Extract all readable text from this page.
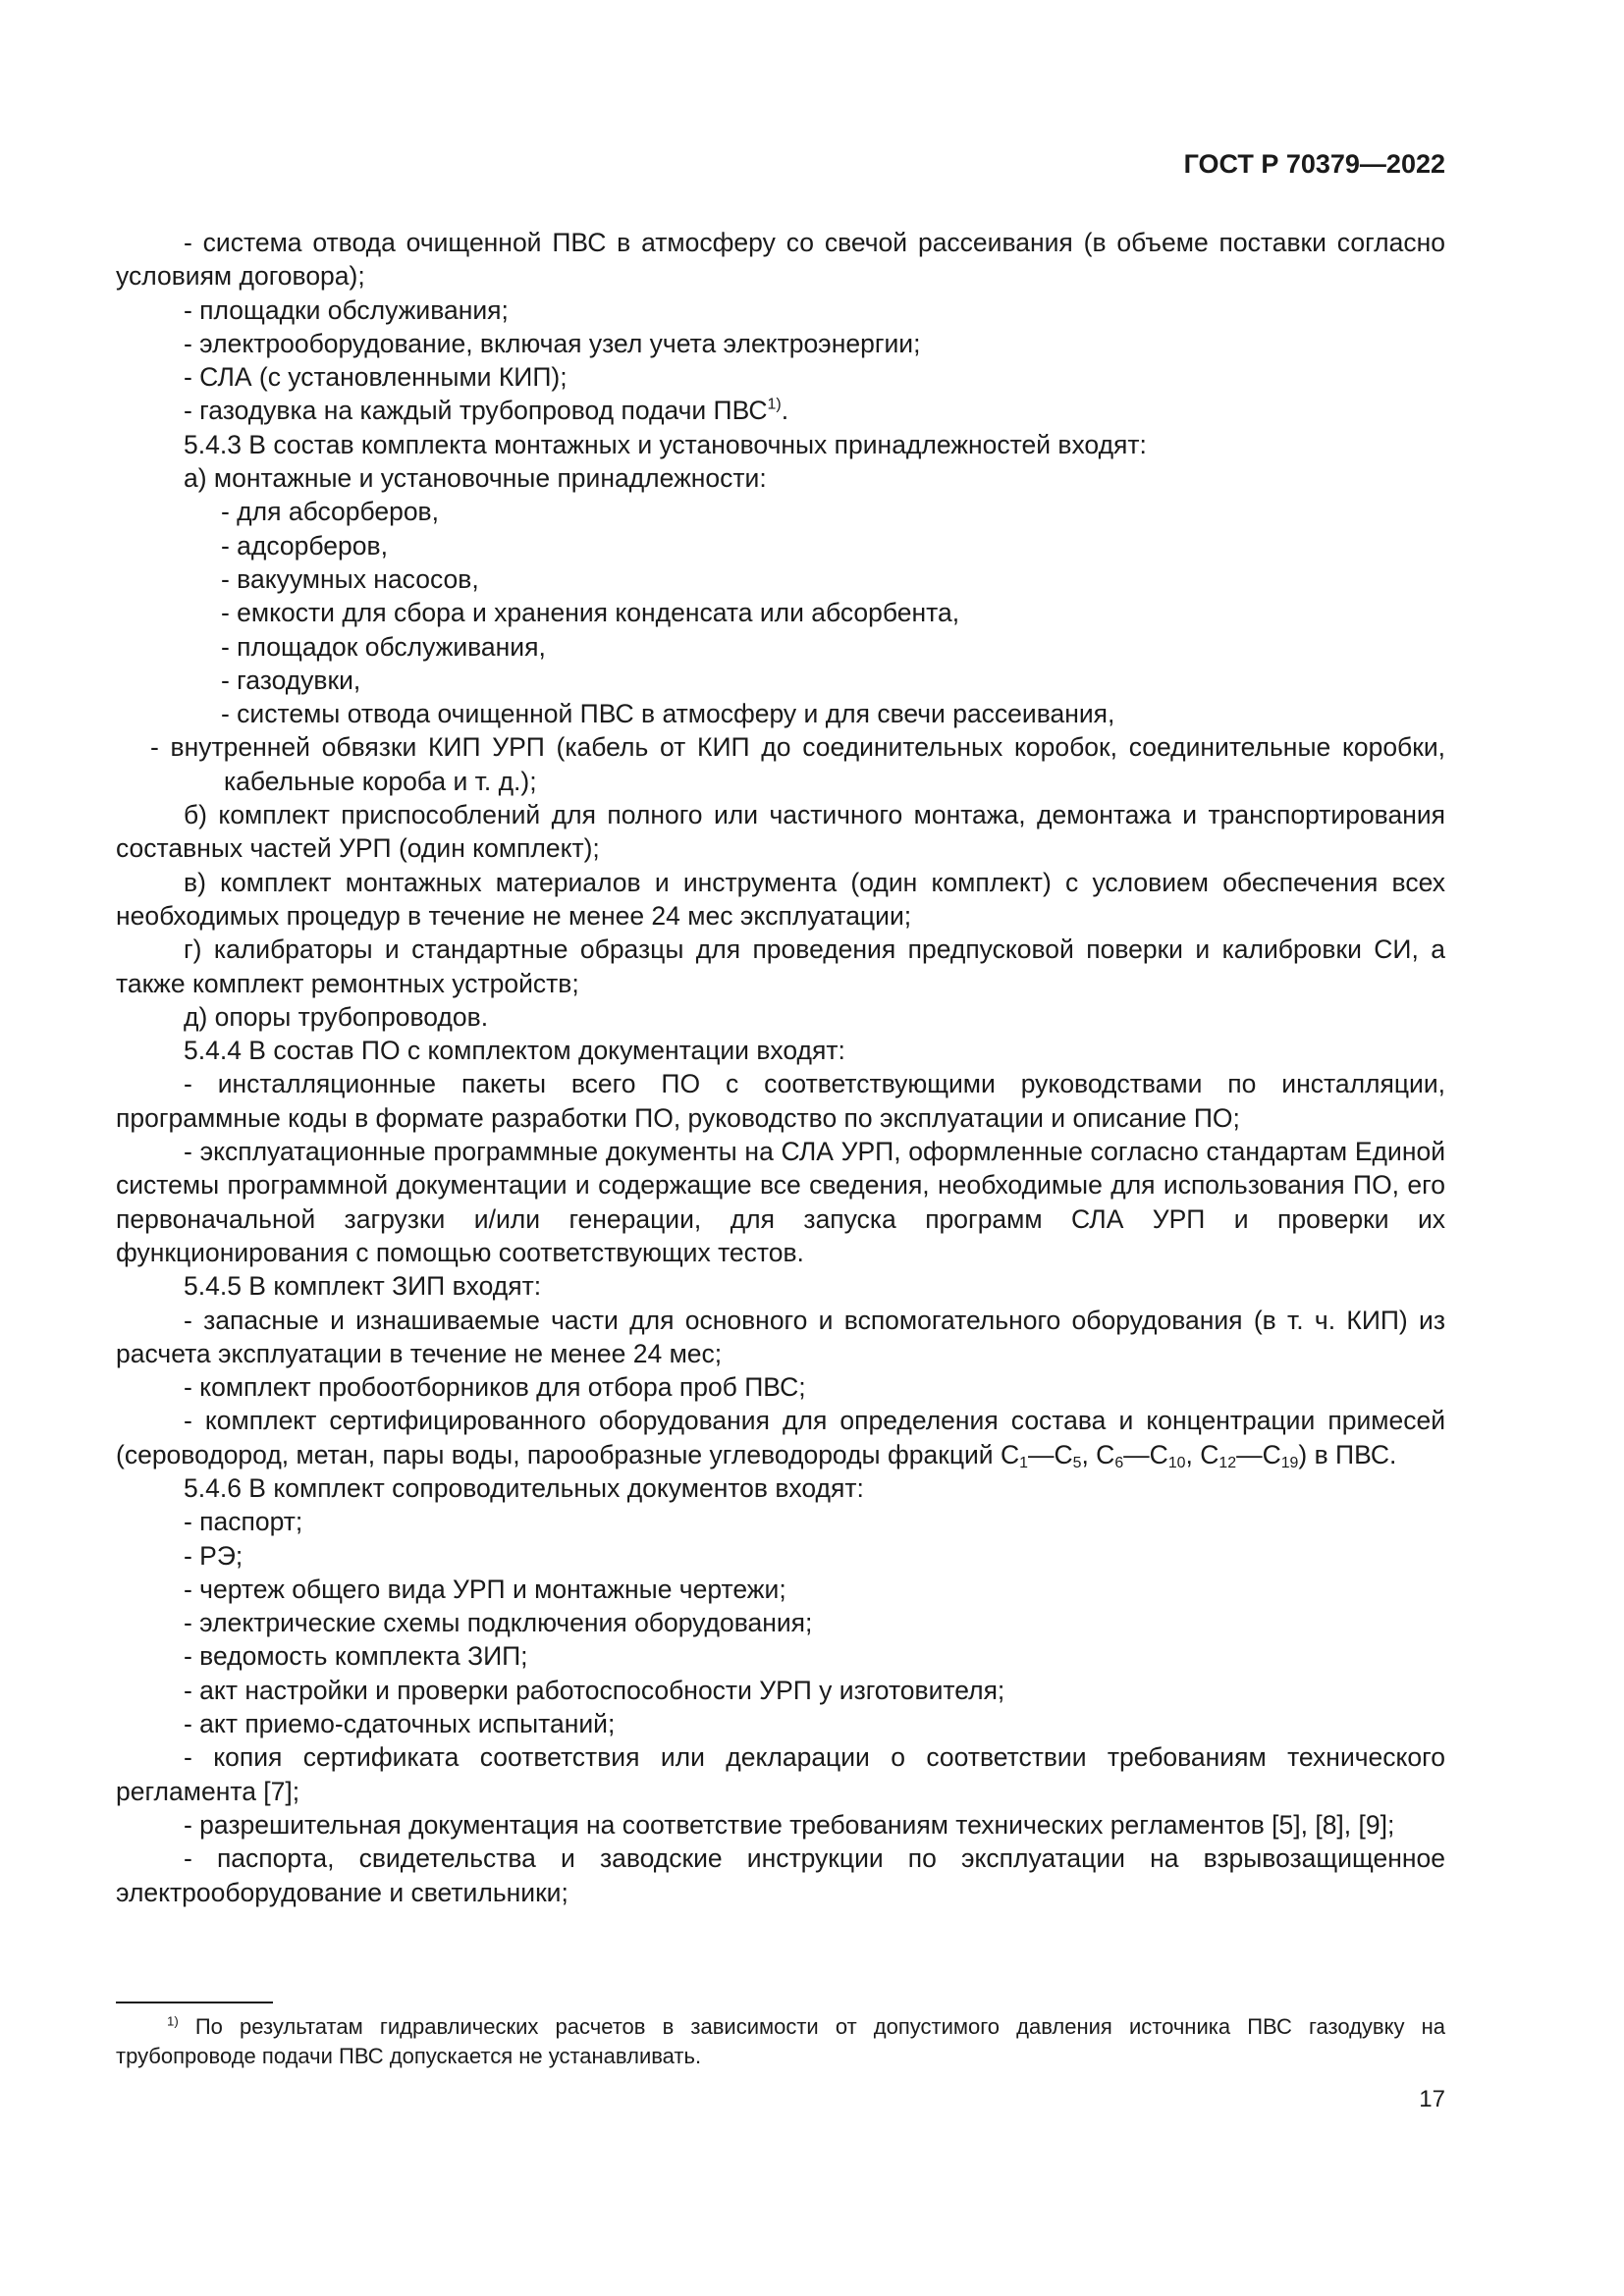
ГОСТ Р 70379—2022

- система отвода очищенной ПВС в атмосферу со свечой рассеивания (в объеме поставки согласно условиям договора);

- площадки обслуживания;

- электрооборудование, включая узел учета электроэнергии;

- СЛА (с установленными КИП);

- газодувка на каждый трубопровод подачи ПВС$^{1)}$.

5.4.3 В состав комплекта монтажных и установочных принадлежностей входят:

а) монтажные и установочные принадлежности:

- для абсорберов,

- адсорберов,

- вакуумных насосов,

- емкости для сбора и хранения конденсата или абсорбента,

- площадок обслуживания,

- газодувки,

- системы отвода очищенной ПВС в атмосферу и для свечи рассеивания,

- внутренней обвязки КИП УРП (кабель от КИП до соединительных коробок, соединительные коробки, кабельные короба и т. д.);

б) комплект приспособлений для полного или частичного монтажа, демонтажа и транспортирования составных частей УРП (один комплект);

в) комплект монтажных материалов и инструмента (один комплект) с условием обеспечения всех необходимых процедур в течение не менее 24 мес эксплуатации;

г) калибраторы и стандартные образцы для проведения предпусковой поверки и калибровки СИ, а также комплект ремонтных устройств;

д) опоры трубопроводов.

5.4.4 В состав ПО с комплектом документации входят:

- инсталляционные пакеты всего ПО с соответствующими руководствами по инсталляции, программные коды в формате разработки ПО, руководство по эксплуатации и описание ПО;

- эксплуатационные программные документы на СЛА УРП, оформленные согласно стандартам Единой системы программной документации и содержащие все сведения, необходимые для использования ПО, его первоначальной загрузки и/или генерации, для запуска программ СЛА УРП и проверки их функционирования с помощью соответствующих тестов.

5.4.5 В комплект ЗИП входят:

- запасные и изнашиваемые части для основного и вспомогательного оборудования (в т. ч. КИП) из расчета эксплуатации в течение не менее 24 мес;

- комплект пробоотборников для отбора проб ПВС;

- комплект сертифицированного оборудования для определения состава и концентрации примесей (сероводород, метан, пары воды, парообразные углеводороды фракций $С_1—С_5$, $С_6—С_{10}$, $С_{12}—С_{19}$) в ПВС.

5.4.6 В комплект сопроводительных документов входят:

- паспорт;

- РЭ;

- чертеж общего вида УРП и монтажные чертежи;

- электрические схемы подключения оборудования;

- ведомость комплекта ЗИП;

- акт настройки и проверки работоспособности УРП у изготовителя;

- акт приемо-сдаточных испытаний;

- копия сертификата соответствия или декларации о соответствии требованиям технического регламента [7];

- разрешительная документация на соответствие требованиям технических регламентов [5], [8], [9];

- паспорта, свидетельства и заводские инструкции по эксплуатации на взрывозащищенное электрооборудование и светильники;

$^{1)}$ По результатам гидравлических расчетов в зависимости от допустимого давления источника ПВС газодувку на трубопроводе подачи ПВС допускается не устанавливать.
17
